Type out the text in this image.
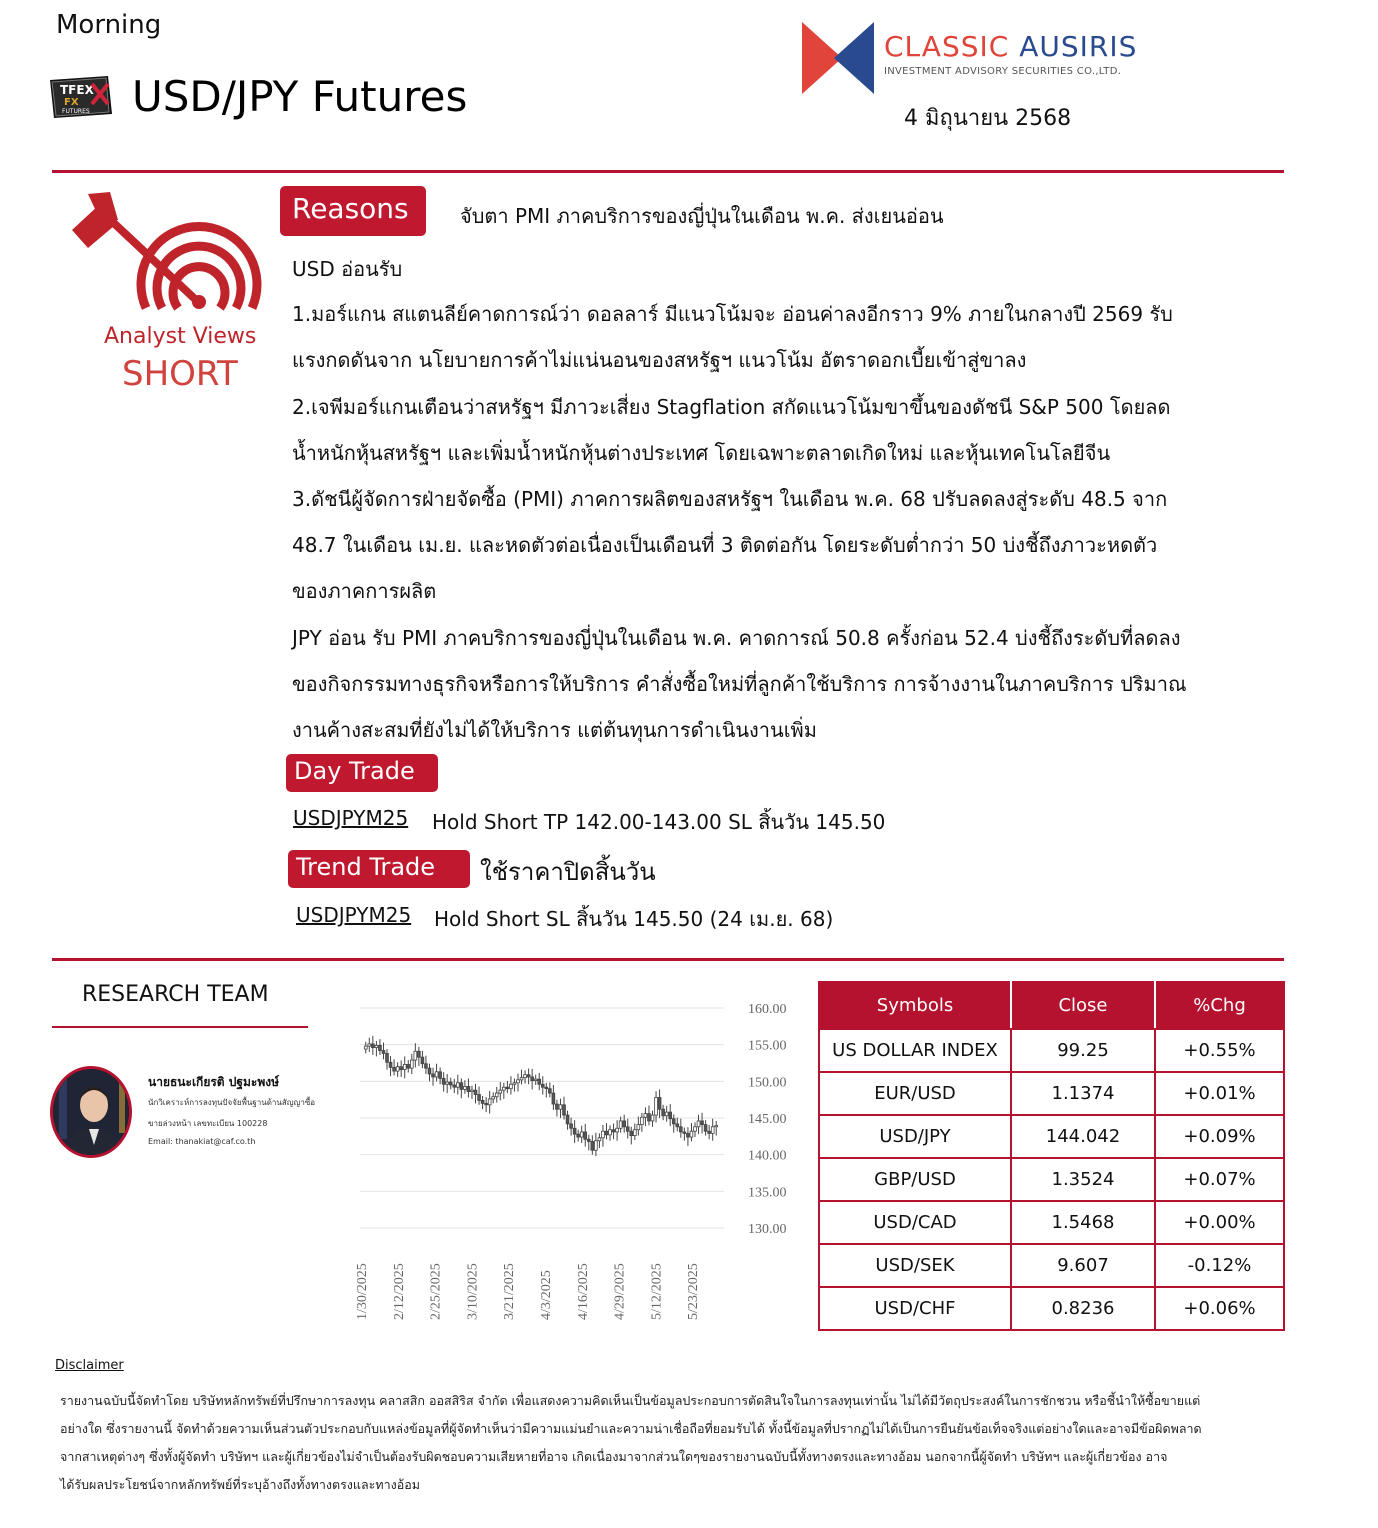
Morning
TFEX
FX
FUTURES USD/JPY Futures
CLASSIC AUSIRIS
INVESTMENT ADVISORY SECURITIES CO.,LTD.
4 มิถุนายน 2568
Analyst Views
SHORT
Reasons	จับตา PMI ภาคบริการของญี่ปุ่นในเดือน พ.ค. ส่งเยนอ่อน
USD อ่อนรับ
1.มอร์แกน สแตนลีย์คาดการณ์ว่า ดอลลาร์ มีแนวโน้มจะ อ่อนค่าลงอีกราว 9% ภายในกลางปี 2569 รับ
แรงกดดันจาก นโยบายการค้าไม่แน่นอนของสหรัฐฯ แนวโน้ม อัตราดอกเบี้ยเข้าสู่ขาลง
2.เจพีมอร์แกนเตือนว่าสหรัฐฯ มีภาวะเสี่ยง Stagflation สกัดแนวโน้มขาขึ้นของดัชนี S&P 500 โดยลด
น้ำหนักหุ้นสหรัฐฯ และเพิ่มน้ำหนักหุ้นต่างประเทศ โดยเฉพาะตลาดเกิดใหม่ และหุ้นเทคโนโลยีจีน
3.ดัชนีผู้จัดการฝ่ายจัดซื้อ (PMI) ภาคการผลิตของสหรัฐฯ ในเดือน พ.ค. 68 ปรับลดลงสู่ระดับ 48.5 จาก
48.7 ในเดือน เม.ย. และหดตัวต่อเนื่องเป็นเดือนที่ 3 ติดต่อกัน โดยระดับต่ำกว่า 50 บ่งชี้ถึงภาวะหดตัว
ของภาคการผลิต
JPY อ่อน รับ PMI ภาคบริการของญี่ปุ่นในเดือน พ.ค. คาดการณ์ 50.8 ครั้งก่อน 52.4 บ่งชี้ถึงระดับที่ลดลง
ของกิจกรรมทางธุรกิจหรือการให้บริการ คำสั่งซื้อใหม่ที่ลูกค้าใช้บริการ การจ้างงานในภาคบริการ ปริมาณ
งานค้างสะสมที่ยังไม่ได้ให้บริการ แต่ต้นทุนการดำเนินงานเพิ่ม
Day Trade
USDJPYM25 Hold Short TP 142.00-143.00 SL สิ้นวัน 145.50
Trend Trade	ใช้ราคาปิดสิ้นวัน
USDJPYM25 Hold Short SL สิ้นวัน 145.50 (24 เม.ย. 68)
RESEARCH TEAM
นายธนะเกียรติ ปฐมะพงษ์
นักวิเคราะห์การลงทุนปัจจัยพื้นฐานด้านสัญญาซื้อ
ขายล่วงหน้า เลขทะเบียน 100228
Email: thanakiat@caf.co.th
160.00
155.00
150.00
145.00
140.00
135.00
130.00
1/30/2025 2/12/2025 2/25/2025 3/10/2025 3/21/2025 4/3/2025 4/16/2025 4/29/2025 5/12/2025 5/23/2025
Symbols	Close	%Chg
US DOLLAR INDEX	99.25	+0.55%
EUR/USD	1.1374	+0.01%
USD/JPY	144.042	+0.09%
GBP/USD	1.3524	+0.07%
USD/CAD	1.5468	+0.00%
USD/SEK	9.607	-0.12%
USD/CHF	0.8236	+0.06%
Disclaimer
รายงานฉบับนี้จัดทำโดย บริษัทหลักทรัพย์ที่ปรึกษาการลงทุน คลาสสิก ออสสิริส จำกัด เพื่อแสดงความคิดเห็นเป็นข้อมูลประกอบการตัดสินใจในการลงทุนเท่านั้น ไม่ได้มีวัตถุประสงค์ในการชักชวน หรือชี้นำให้ซื้อขายแต่
อย่างใด ซึ่งรายงานนี้ จัดทำด้วยความเห็นส่วนตัวประกอบกับแหล่งข้อมูลที่ผู้จัดทำเห็นว่ามีความแม่นยำและความน่าเชื่อถือที่ยอมรับได้ ทั้งนี้ข้อมูลที่ปรากฏไม่ได้เป็นการยืนยันข้อเท็จจริงแต่อย่างใดและอาจมีข้อผิดพลาด
จากสาเหตุต่างๆ ซึ่งทั้งผู้จัดทำ บริษัทฯ และผู้เกี่ยวข้องไม่จำเป็นต้องรับผิดชอบความเสียหายที่อาจ เกิดเนื่องมาจากส่วนใดๆของรายงานฉบับนี้ทั้งทางตรงและทางอ้อม นอกจากนี้ผู้จัดทำ บริษัทฯ และผู้เกี่ยวข้อง อาจ
ได้รับผลประโยชน์จากหลักทรัพย์ที่ระบุอ้างถึงทั้งทางตรงและทางอ้อม
